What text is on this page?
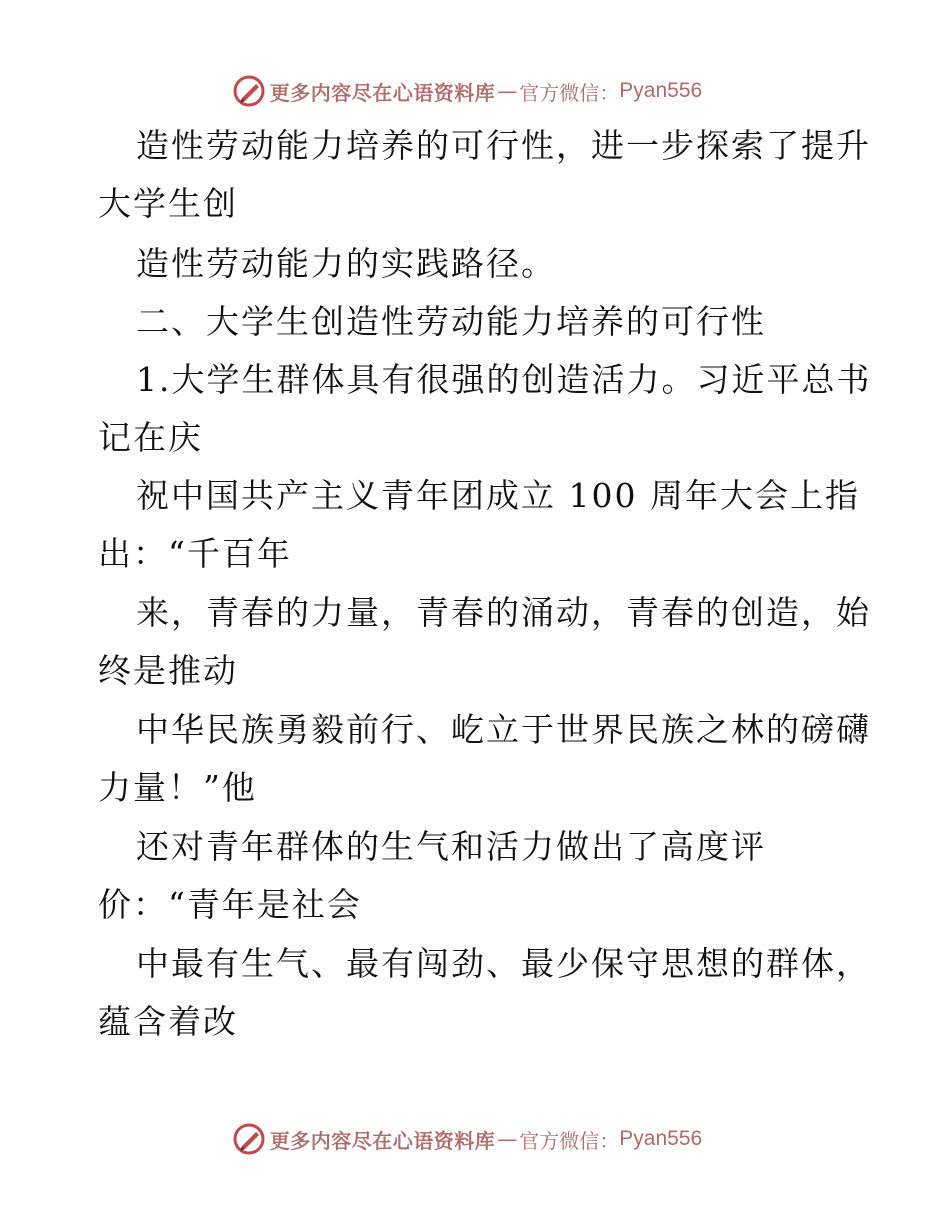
更多内容尽在心语资料库 — 官方微信： Pyan556
造性劳动能力培养的可行性，进一步探索了提升
大学生创
造性劳动能力的实践路径。
二、大学生创造性劳动能力培养的可行性
1.大学生群体具有很强的创造活力。习近平总书
记在庆
祝中国共产主义青年团成立 100 周年大会上指
出：“千百年
来，青春的力量，青春的涌动，青春的创造，始
终是推动
中华民族勇毅前行、屹立于世界民族之林的磅礴
力量！”他
还对青年群体的生气和活力做出了高度评
价：“青年是社会
中最有生气、最有闯劲、最少保守思想的群体，
蕴含着改
更多内容尽在心语资料库 — 官方微信： Pyan556
